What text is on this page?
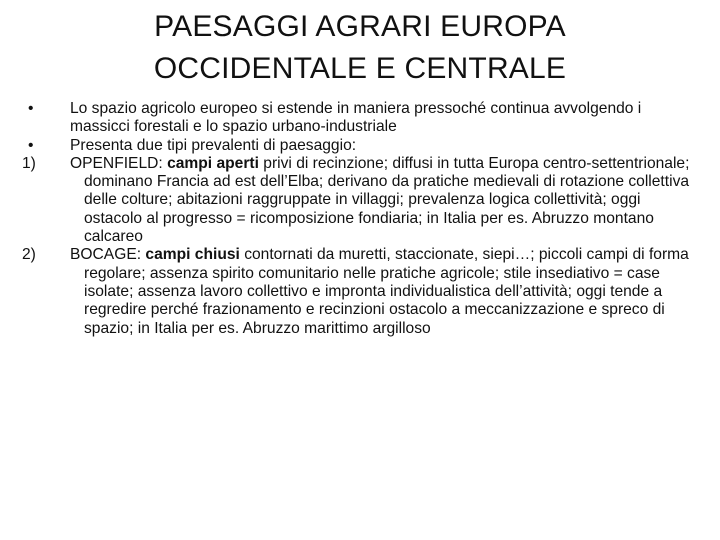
PAESAGGI AGRARI EUROPA
OCCIDENTALE E CENTRALE
• Lo spazio agricolo europeo si estende in maniera pressoché continua avvolgendo i massicci forestali e lo spazio urbano-industriale
• Presenta due tipi prevalenti di paesaggio:
1) OPENFIELD: campi aperti privi di recinzione; diffusi in tutta Europa centro-settentrionale; dominano Francia ad est dell’Elba; derivano da pratiche medievali di rotazione collettiva delle colture; abitazioni raggruppate in villaggi; prevalenza logica collettività; oggi ostacolo al progresso = ricomposizione fondiaria; in Italia per es. Abruzzo montano calcareo
2) BOCAGE: campi chiusi contornati da muretti, staccionate, siepi…; piccoli campi di forma regolare; assenza spirito comunitario nelle pratiche agricole; stile insediativo = case isolate; assenza lavoro collettivo e impronta individualistica dell’attività; oggi tende a regredire perché frazionamento e recinzioni ostacolo a meccanizzazione e spreco di spazio; in Italia per es. Abruzzo marittimo argilloso
